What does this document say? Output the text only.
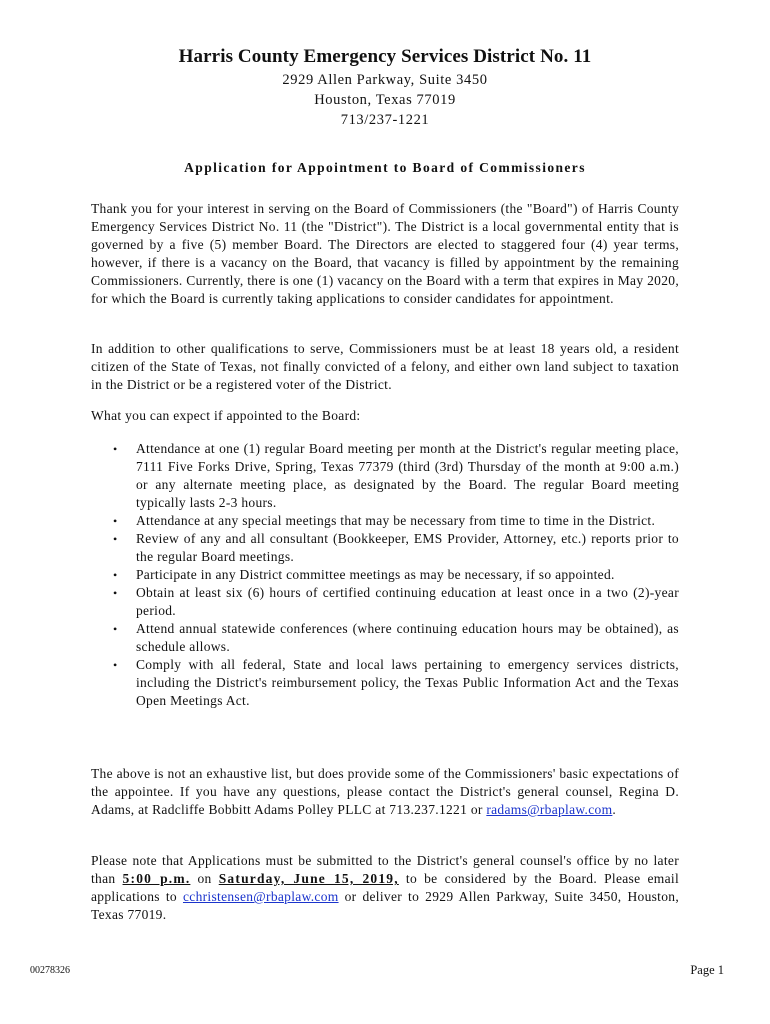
Harris County Emergency Services District No. 11
2929 Allen Parkway, Suite 3450
Houston, Texas 77019
713/237-1221
Application for Appointment to Board of Commissioners

Thank you for your interest in serving on the Board of Commissioners (the "Board") of Harris County Emergency Services District No. 11 (the "District"). The District is a local governmental entity that is governed by a five (5) member Board. The Directors are elected to staggered four (4) year terms, however, if there is a vacancy on the Board, that vacancy is filled by appointment by the remaining Commissioners. Currently, there is one (1) vacancy on the Board with a term that expires in May 2020, for which the Board is currently taking applications to consider candidates for appointment.

In addition to other qualifications to serve, Commissioners must be at least 18 years old, a resident citizen of the State of Texas, not finally convicted of a felony, and either own land subject to taxation in the District or be a registered voter of the District.

What you can expect if appointed to the Board:

• Attendance at one (1) regular Board meeting per month at the District's regular meeting place, 7111 Five Forks Drive, Spring, Texas 77379 (third (3rd) Thursday of the month at 9:00 a.m.) or any alternate meeting place, as designated by the Board. The regular Board meeting typically lasts 2-3 hours.
• Attendance at any special meetings that may be necessary from time to time in the District.
• Review of any and all consultant (Bookkeeper, EMS Provider, Attorney, etc.) reports prior to the regular Board meetings.
• Participate in any District committee meetings as may be necessary, if so appointed.
• Obtain at least six (6) hours of certified continuing education at least once in a two (2)-year period.
• Attend annual statewide conferences (where continuing education hours may be obtained), as schedule allows.
• Comply with all federal, State and local laws pertaining to emergency services districts, including the District's reimbursement policy, the Texas Public Information Act and the Texas Open Meetings Act.

The above is not an exhaustive list, but does provide some of the Commissioners' basic expectations of the appointee. If you have any questions, please contact the District's general counsel, Regina D. Adams, at Radcliffe Bobbitt Adams Polley PLLC at 713.237.1221 or radams@rbaplaw.com.

Please note that Applications must be submitted to the District's general counsel's office by no later than 5:00 p.m. on Saturday, June 15, 2019, to be considered by the Board. Please email applications to cchristensen@rbaplaw.com or deliver to 2929 Allen Parkway, Suite 3450, Houston, Texas 77019.

00278326	Page 1
